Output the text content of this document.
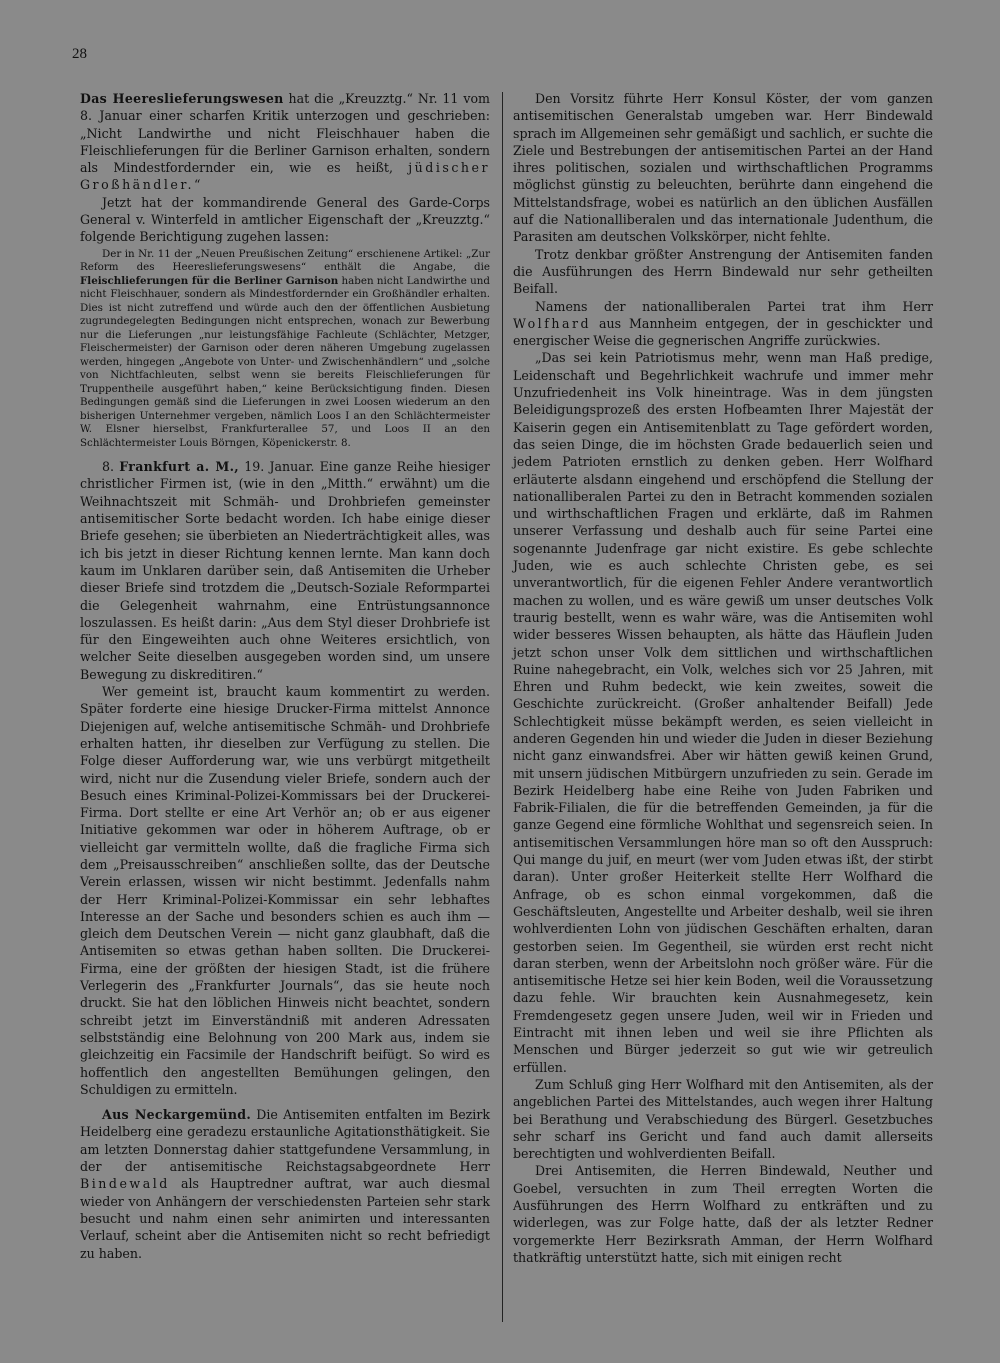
28

Das Heereslieferungswesen hat die „Kreuzztg.“ Nr. 11 vom 8. Januar einer scharfen Kritik unterzogen und geschrieben: „Nicht Landwirthe und nicht Fleischhauer haben die Fleischlieferungen für die Berliner Garnison erhalten, sondern als Mindestfordernder ein, wie es heißt, jüdischer Großhändler.“

Jetzt hat der kommandirende General des Garde-Corps General v. Winterfeld in amtlicher Eigenschaft der „Kreuzztg.“ folgende Berichtigung zugehen lassen:

Der in Nr. 11 der „Neuen Preußischen Zeitung“ erschienene Artikel: „Zur Reform des Heereslieferungswesens“ enthält die Angabe, die Fleischlieferungen für die Berliner Garnison haben nicht Landwirthe und nicht Fleischhauer, sondern als Mindestfordernder ein Großhändler erhalten. Dies ist nicht zutreffend und würde auch den der öffentlichen Ausbietung zugrundegelegten Bedingungen nicht entsprechen, wonach zur Bewerbung nur die Lieferungen „nur leistungsfähige Fachleute (Schlächter, Metzger, Fleischermeister) der Garnison oder deren näheren Umgebung zugelassen werden, hingegen „Angebote von Unter- und Zwischenhändlern“ und „solche von Nichtfachleuten, selbst wenn sie bereits Fleischlieferungen für Truppentheile ausgeführt haben,“ keine Berücksichtigung finden. Diesen Bedingungen gemäß sind die Lieferungen in zwei Loosen wiederum an den bisherigen Unternehmer vergeben, nämlich Loos I an den Schlächtermeister W. Elsner hierselbst, Frankfurterallee 57, und Loos II an den Schlächtermeister Louis Börngen, Köpenickerstr. 8.

8. Frankfurt a. M., 19. Januar. Eine ganze Reihe hiesiger christlicher Firmen ist, (wie in den „Mitth.“ erwähnt) um die Weihnachtszeit mit Schmäh- und Drohbriefen gemeinster antisemitischer Sorte bedacht worden. Ich habe einige dieser Briefe gesehen; sie überbieten an Niederträchtigkeit alles, was ich bis jetzt in dieser Richtung kennen lernte. Man kann doch kaum im Unklaren darüber sein, daß Antisemiten die Urheber dieser Briefe sind trotzdem die „Deutsch-Soziale Reformpartei die Gelegenheit wahrnahm, eine Entrüstungsannonce loszulassen. Es heißt darin: „Aus dem Styl dieser Drohbriefe ist für den Eingeweihten auch ohne Weiteres ersichtlich, von welcher Seite dieselben ausgegeben worden sind, um unsere Bewegung zu diskreditiren.“

Wer gemeint ist, braucht kaum kommentirt zu werden. Später forderte eine hiesige Drucker-Firma mittelst Annonce Diejenigen auf, welche antisemitische Schmäh- und Drohbriefe erhalten hatten, ihr dieselben zur Verfügung zu stellen. Die Folge dieser Aufforderung war, wie uns verbürgt mitgetheilt wird, nicht nur die Zusendung vieler Briefe, sondern auch der Besuch eines Kriminal-Polizei-Kommissars bei der Druckerei-Firma. Dort stellte er eine Art Verhör an; ob er aus eigener Initiative gekommen war oder in höherem Auftrage, ob er vielleicht gar vermitteln wollte, daß die fragliche Firma sich dem „Preisausschreiben“ anschließen sollte, das der Deutsche Verein erlassen, wissen wir nicht bestimmt. Jedenfalls nahm der Herr Kriminal-Polizei-Kommissar ein sehr lebhaftes Interesse an der Sache und besonders schien es auch ihm — gleich dem Deutschen Verein — nicht ganz glaubhaft, daß die Antisemiten so etwas gethan haben sollten. Die Druckerei-Firma, eine der größten der hiesigen Stadt, ist die frühere Verlegerin des „Frankfurter Journals“, das sie heute noch druckt. Sie hat den löblichen Hinweis nicht beachtet, sondern schreibt jetzt im Einverständniß mit anderen Adressaten selbstständig eine Belohnung von 200 Mark aus, indem sie gleichzeitig ein Facsimile der Handschrift beifügt. So wird es hoffentlich den angestellten Bemühungen gelingen, den Schuldigen zu ermitteln.

Aus Neckargemünd. Die Antisemiten entfalten im Bezirk Heidelberg eine geradezu erstaunliche Agitationsthätigkeit. Sie am letzten Donnerstag dahier stattgefundene Versammlung, in der der antisemitische Reichstagsabgeordnete Herr Bindewald als Hauptredner auftrat, war auch diesmal wieder von Anhängern der verschiedensten Parteien sehr stark besucht und nahm einen sehr animirten und interessanten Verlauf, scheint aber die Antisemiten nicht so recht befriedigt zu haben.

Den Vorsitz führte Herr Konsul Köster, der vom ganzen antisemitischen Generalstab umgeben war. Herr Bindewald sprach im Allgemeinen sehr gemäßigt und sachlich, er suchte die Ziele und Bestrebungen der antisemitischen Partei an der Hand ihres politischen, sozialen und wirthschaftlichen Programms möglichst günstig zu beleuchten, berührte dann eingehend die Mittelstandsfrage, wobei es natürlich an den üblichen Ausfällen auf die Nationalliberalen und das internationale Judenthum, die Parasiten am deutschen Volkskörper, nicht fehlte.

Trotz denkbar größter Anstrengung der Antisemiten fanden die Ausführungen des Herrn Bindewald nur sehr getheilten Beifall.

Namens der nationalliberalen Partei trat ihm Herr Wolfhard aus Mannheim entgegen, der in geschickter und energischer Weise die gegnerischen Angriffe zurückwies.

„Das sei kein Patriotismus mehr, wenn man Haß predige, Leidenschaft und Begehrlichkeit wachrufe und immer mehr Unzufriedenheit ins Volk hineintrage. Was in dem jüngsten Beleidigungsprozeß des ersten Hofbeamten Ihrer Majestät der Kaiserin gegen ein Antisemitenblatt zu Tage gefördert worden, das seien Dinge, die im höchsten Grade bedauerlich seien und jedem Patrioten ernstlich zu denken geben. Herr Wolfhard erläuterte alsdann eingehend und erschöpfend die Stellung der nationalliberalen Partei zu den in Betracht kommenden sozialen und wirthschaftlichen Fragen und erklärte, daß im Rahmen unserer Verfassung und deshalb auch für seine Partei eine sogenannte Judenfrage gar nicht existire. Es gebe schlechte Juden, wie es auch schlechte Christen gebe, es sei unverantwortlich, für die eigenen Fehler Andere verantwortlich machen zu wollen, und es wäre gewiß um unser deutsches Volk traurig bestellt, wenn es wahr wäre, was die Antisemiten wohl wider besseres Wissen behaupten, als hätte das Häuflein Juden jetzt schon unser Volk dem sittlichen und wirthschaftlichen Ruine nahegebracht, ein Volk, welches sich vor 25 Jahren, mit Ehren und Ruhm bedeckt, wie kein zweites, soweit die Geschichte zurückreicht. (Großer anhaltender Beifall) Jede Schlechtigkeit müsse bekämpft werden, es seien vielleicht in anderen Gegenden hin und wieder die Juden in dieser Beziehung nicht ganz einwandsfrei. Aber wir hätten gewiß keinen Grund, mit unsern jüdischen Mitbürgern unzufrieden zu sein. Gerade im Bezirk Heidelberg habe eine Reihe von Juden Fabriken und Fabrik-Filialen, die für die betreffenden Gemeinden, ja für die ganze Gegend eine förmliche Wohlthat und segensreich seien. In antisemitischen Versammlungen höre man so oft den Ausspruch: Qui mange du juif, en meurt (wer vom Juden etwas ißt, der stirbt daran). Unter großer Heiterkeit stellte Herr Wolfhard die Anfrage, ob es schon einmal vorgekommen, daß die Geschäftsleuten, Angestellte und Arbeiter deshalb, weil sie ihren wohlverdienten Lohn von jüdischen Geschäften erhalten, daran gestorben seien. Im Gegentheil, sie würden erst recht nicht daran sterben, wenn der Arbeitslohn noch größer wäre. Für die antisemitische Hetze sei hier kein Boden, weil die Voraussetzung dazu fehle. Wir brauchten kein Ausnahmegesetz, kein Fremdengesetz gegen unsere Juden, weil wir in Frieden und Eintracht mit ihnen leben und weil sie ihre Pflichten als Menschen und Bürger jederzeit so gut wie wir getreulich erfüllen.

Zum Schluß ging Herr Wolfhard mit den Antisemiten, als der angeblichen Partei des Mittelstandes, auch wegen ihrer Haltung bei Berathung und Verabschiedung des Bürgerl. Gesetzbuches sehr scharf ins Gericht und fand auch damit allerseits berechtigten und wohlverdienten Beifall.

Drei Antisemiten, die Herren Bindewald, Neuther und Goebel, versuchten in zum Theil erregten Worten die Ausführungen des Herrn Wolfhard zu entkräften und zu widerlegen, was zur Folge hatte, daß der als letzter Redner vorgemerkte Herr Bezirksrath Amman, der Herrn Wolfhard thatkräftig unterstützt hatte, sich mit einigen recht
